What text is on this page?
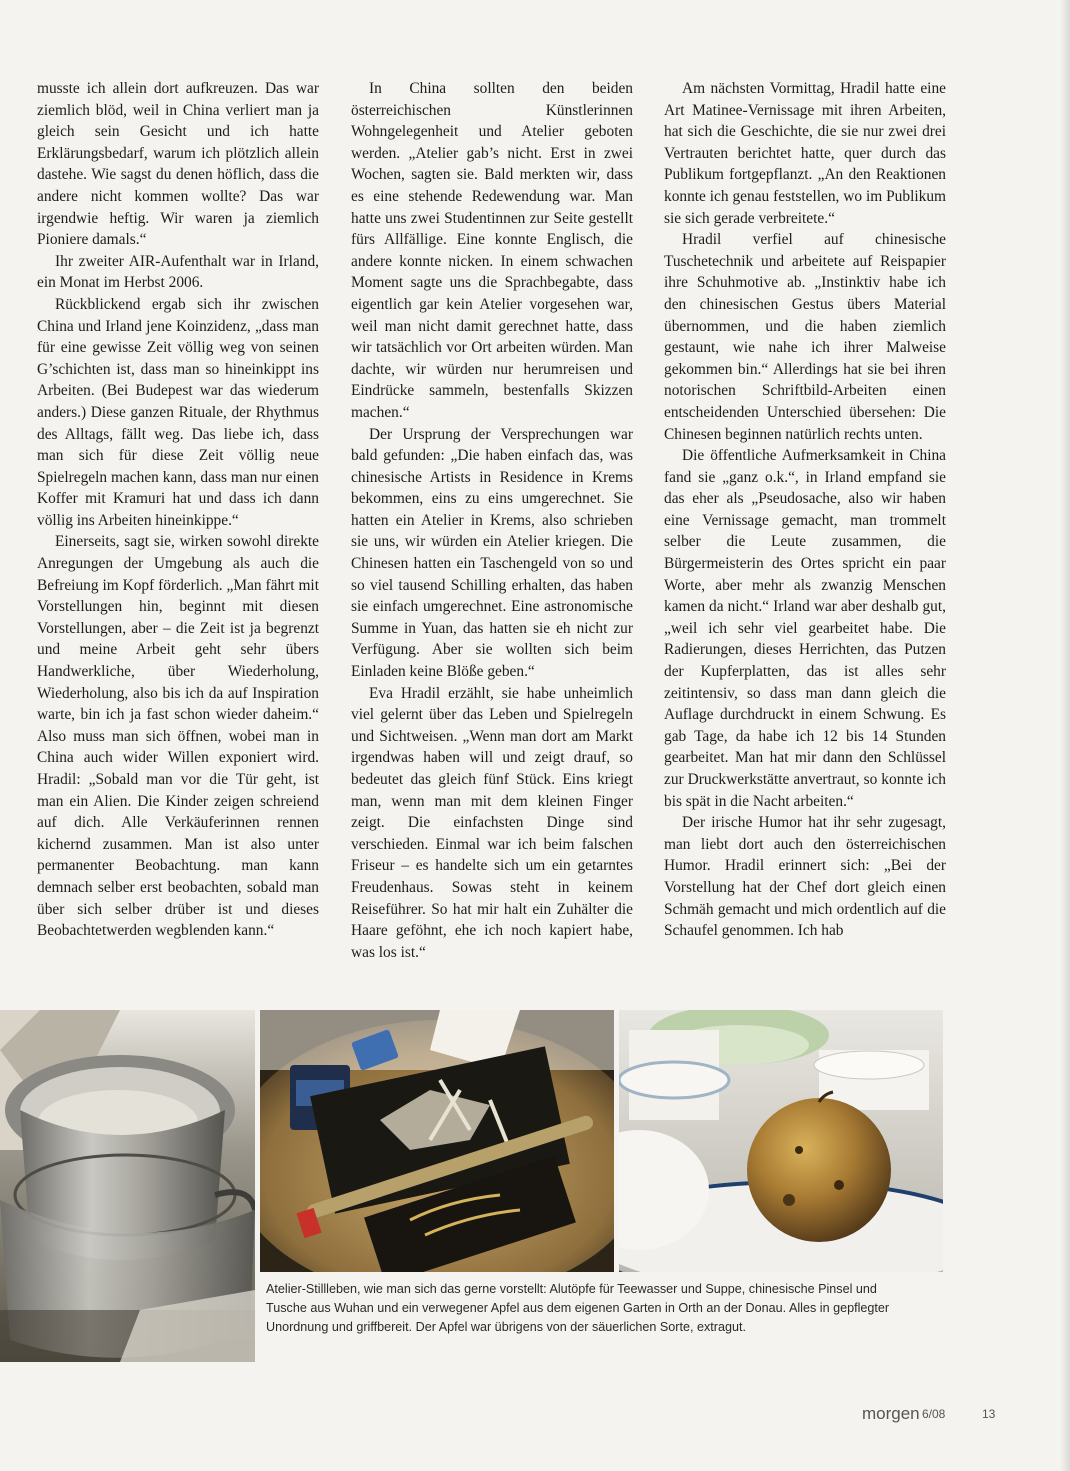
musste ich allein dort aufkreuzen. Das war ziemlich blöd, weil in China verliert man ja gleich sein Gesicht und ich hatte Erklärungsbedarf, warum ich plötzlich allein dastehe. Wie sagst du denen höflich, dass die andere nicht kommen wollte? Das war irgendwie heftig. Wir waren ja ziemlich Pioniere damals.“

Ihr zweiter AIR-Aufenthalt war in Irland, ein Monat im Herbst 2006.

Rückblickend ergab sich ihr zwischen China und Irland jene Koinzidenz, „dass man für eine gewisse Zeit völlig weg von seinen G’schichten ist, dass man so hineinkippt ins Arbeiten. (Bei Budepest war das wiederum anders.) Diese ganzen Rituale, der Rhythmus des Alltags, fällt weg. Das liebe ich, dass man sich für diese Zeit völlig neue Spielregeln machen kann, dass man nur einen Koffer mit Kramuri hat und dass ich dann völlig ins Arbeiten hineinkippe.“

Einerseits, sagt sie, wirken sowohl direkte Anregungen der Umgebung als auch die Befreiung im Kopf förderlich. „Man fährt mit Vorstellungen hin, beginnt mit diesen Vorstellungen, aber – die Zeit ist ja begrenzt und meine Arbeit geht sehr übers Handwerkliche, über Wiederholung, Wiederholung, also bis ich da auf Inspiration warte, bin ich ja fast schon wieder daheim.“ Also muss man sich öffnen, wobei man in China auch wider Willen exponiert wird. Hradil: „Sobald man vor die Tür geht, ist man ein Alien. Die Kinder zeigen schreiend auf dich. Alle Verkäuferinnen rennen kichernd zusammen. Man ist also unter permanenter Beobachtung. man kann demnach selber erst beobachten, sobald man über sich selber drüber ist und dieses Beobachtetwerden wegblenden kann.“

In China sollten den beiden österreichischen Künstlerinnen Wohngelegenheit und Atelier geboten werden. „Atelier gab’s nicht. Erst in zwei Wochen, sagten sie. Bald merkten wir, dass es eine stehende Redewendung war. Man hatte uns zwei Studentinnen zur Seite gestellt fürs Allfällige. Eine konnte Englisch, die andere konnte nicken. In einem schwachen Moment sagte uns die Sprachbegabte, dass eigentlich gar kein Atelier vorgesehen war, weil man nicht damit gerechnet hatte, dass wir tatsächlich vor Ort arbeiten würden. Man dachte, wir würden nur herumreisen und Eindrücke sammeln, bestenfalls Skizzen machen.“

Der Ursprung der Versprechungen war bald gefunden: „Die haben einfach das, was chinesische Artists in Residence in Krems bekommen, eins zu eins umgerechnet. Sie hatten ein Atelier in Krems, also schrieben sie uns, wir würden ein Atelier kriegen. Die Chinesen hatten ein Taschengeld von so und so viel tausend Schilling erhalten, das haben sie einfach umgerechnet. Eine astronomische Summe in Yuan, das hatten sie eh nicht zur Verfügung. Aber sie wollten sich beim Einladen keine Blöße geben.“

Eva Hradil erzählt, sie habe unheimlich viel gelernt über das Leben und Spielregeln und Sichtweisen. „Wenn man dort am Markt irgendwas haben will und zeigt drauf, so bedeutet das gleich fünf Stück. Eins kriegt man, wenn man mit dem kleinen Finger zeigt. Die einfachsten Dinge sind verschieden. Einmal war ich beim falschen Friseur – es handelte sich um ein getarntes Freudenhaus. Sowas steht in keinem Reiseführer. So hat mir halt ein Zuhälter die Haare geföhnt, ehe ich noch kapiert habe, was los ist.“

Am nächsten Vormittag, Hradil hatte eine Art Matinee-Vernissage mit ihren Arbeiten, hat sich die Geschichte, die sie nur zwei drei Vertrauten berichtet hatte, quer durch das Publikum fortgepflanzt. „An den Reaktionen konnte ich genau feststellen, wo im Publikum sie sich gerade verbreitete.“

Hradil verfiel auf chinesische Tuschetechnik und arbeitete auf Reispapier ihre Schuhmotive ab. „Instinktiv habe ich den chinesischen Gestus übers Material übernommen, und die haben ziemlich gestaunt, wie nahe ich ihrer Malweise gekommen bin.“ Allerdings hat sie bei ihren notorischen Schriftbild-Arbeiten einen entscheidenden Unterschied übersehen: Die Chinesen beginnen natürlich rechts unten.

Die öffentliche Aufmerksamkeit in China fand sie „ganz o.k.“, in Irland empfand sie das eher als „Pseudosache, also wir haben eine Vernissage gemacht, man trommelt selber die Leute zusammen, die Bürgermeisterin des Ortes spricht ein paar Worte, aber mehr als zwanzig Menschen kamen da nicht.“ Irland war aber deshalb gut, „weil ich sehr viel gearbeitet habe. Die Radierungen, dieses Herrichten, das Putzen der Kupferplatten, das ist alles sehr zeitintensiv, so dass man dann gleich die Auflage durchdruckt in einem Schwung. Es gab Tage, da habe ich 12 bis 14 Stunden gearbeitet. Man hat mir dann den Schlüssel zur Druckwerkstätte anvertraut, so konnte ich bis spät in die Nacht arbeiten.“

Der irische Humor hat ihr sehr zugesagt, man liebt dort auch den österreichischen Humor. Hradil erinnert sich: „Bei der Vorstellung hat der Chef dort gleich einen Schmäh gemacht und mich ordentlich auf die Schaufel genommen. Ich hab

Atelier-Stillleben, wie man sich das gerne vorstellt: Alutöpfe für Teewasser und Suppe, chinesische Pinsel und
Tusche aus Wuhan und ein verwegener Apfel aus dem eigenen Garten in Orth an der Donau. Alles in gepflegter
Unordnung und griffbereit. Der Apfel war übrigens von der säuerlichen Sorte, extragut.
morgen 6/08	13
